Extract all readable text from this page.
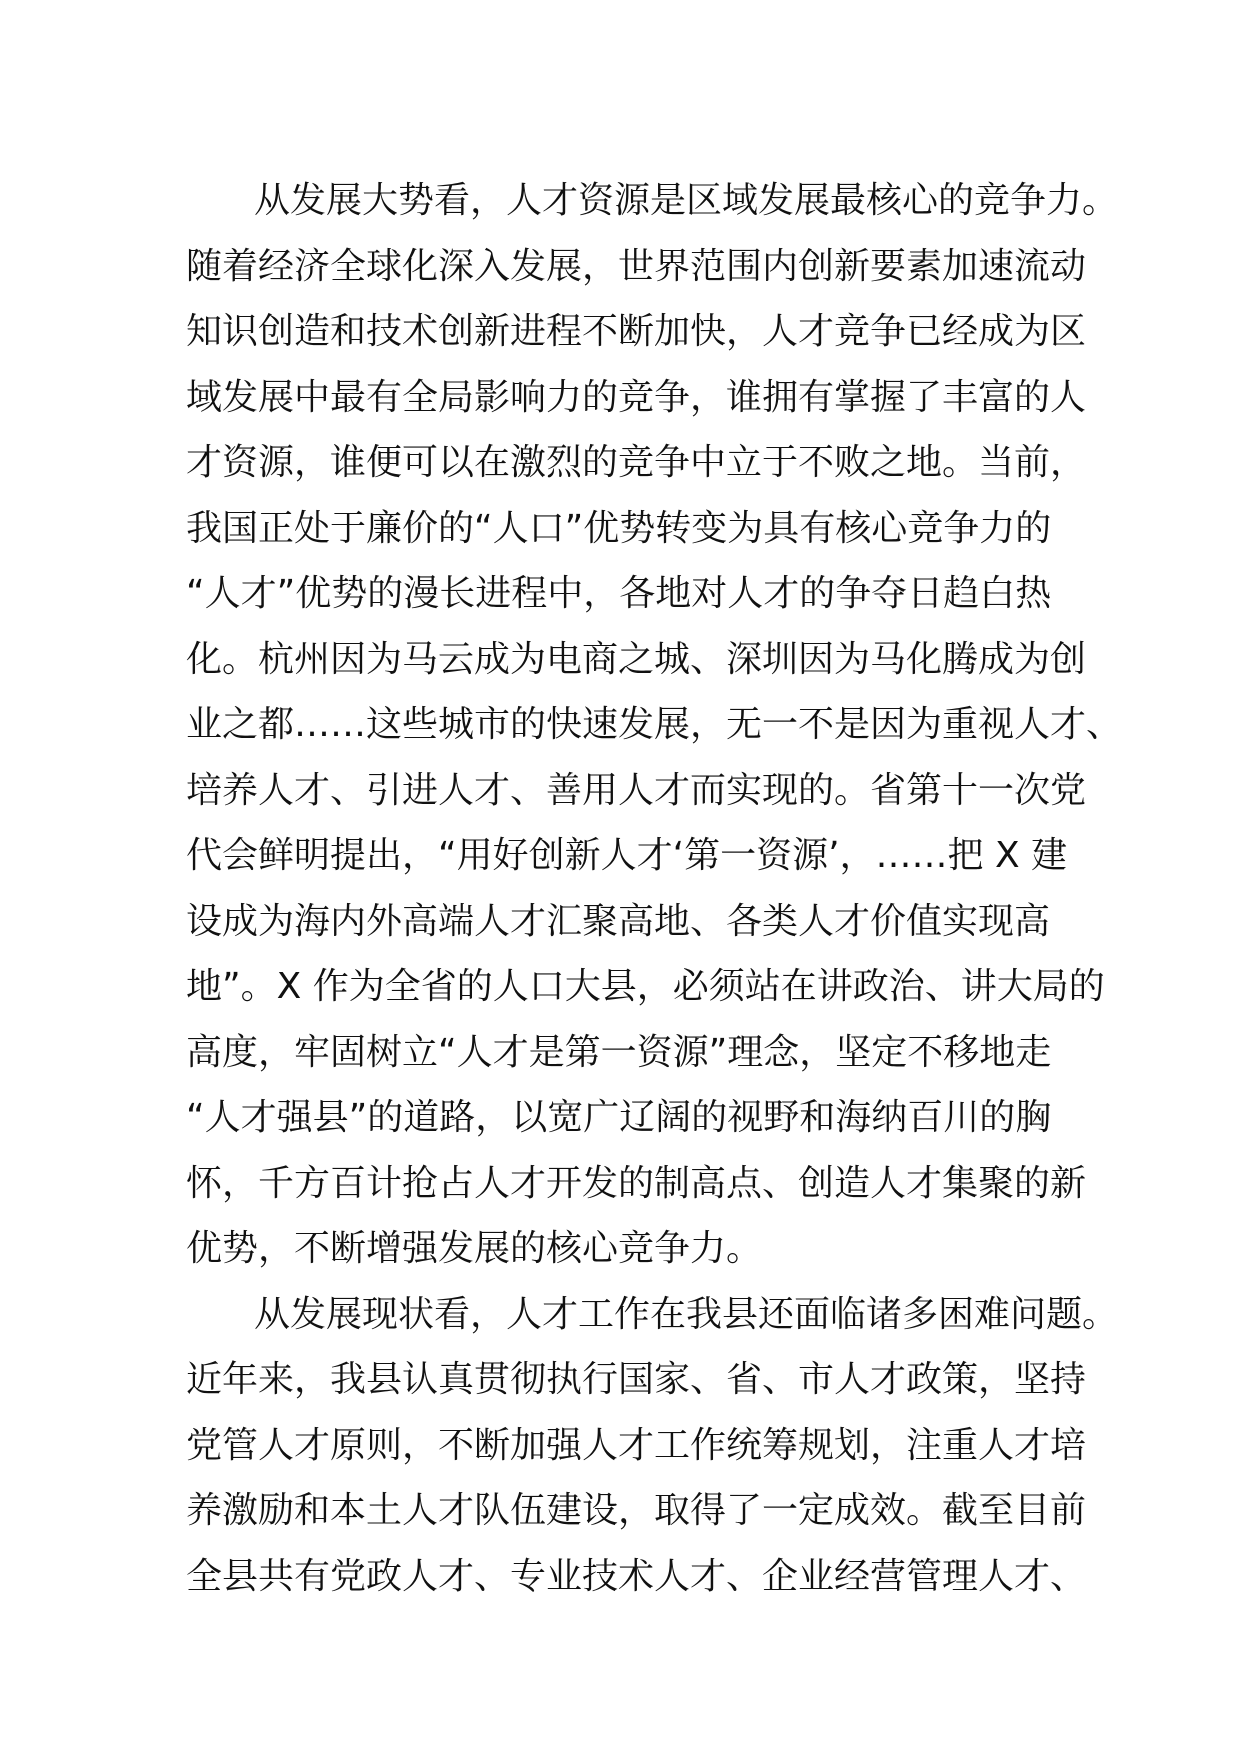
从发展大势看，人才资源是区域发展最核心的竞争力。
随着经济全球化深入发展，世界范围内创新要素加速流动
知识创造和技术创新进程不断加快，人才竞争已经成为区
域发展中最有全局影响力的竞争，谁拥有掌握了丰富的人
才资源，谁便可以在激烈的竞争中立于不败之地。当前，
我国正处于廉价的“人口”优势转变为具有核心竞争力的
“人才”优势的漫长进程中，各地对人才的争夺日趋白热
化。杭州因为马云成为电商之城、深圳因为马化腾成为创
业之都……这些城市的快速发展，无一不是因为重视人才、
培养人才、引进人才、善用人才而实现的。省第十一次党
代会鲜明提出，“用好创新人才‘第一资源’，……把 X 建
设成为海内外高端人才汇聚高地、各类人才价值实现高
地”。X 作为全省的人口大县，必须站在讲政治、讲大局的
高度，牢固树立“人才是第一资源”理念，坚定不移地走
“人才强县”的道路，以宽广辽阔的视野和海纳百川的胸
怀，千方百计抢占人才开发的制高点、创造人才集聚的新
优势，不断增强发展的核心竞争力。
从发展现状看，人才工作在我县还面临诸多困难问题。
近年来，我县认真贯彻执行国家、省、市人才政策，坚持
党管人才原则，不断加强人才工作统筹规划，注重人才培
养激励和本土人才队伍建设，取得了一定成效。截至目前
全县共有党政人才、专业技术人才、企业经营管理人才、
